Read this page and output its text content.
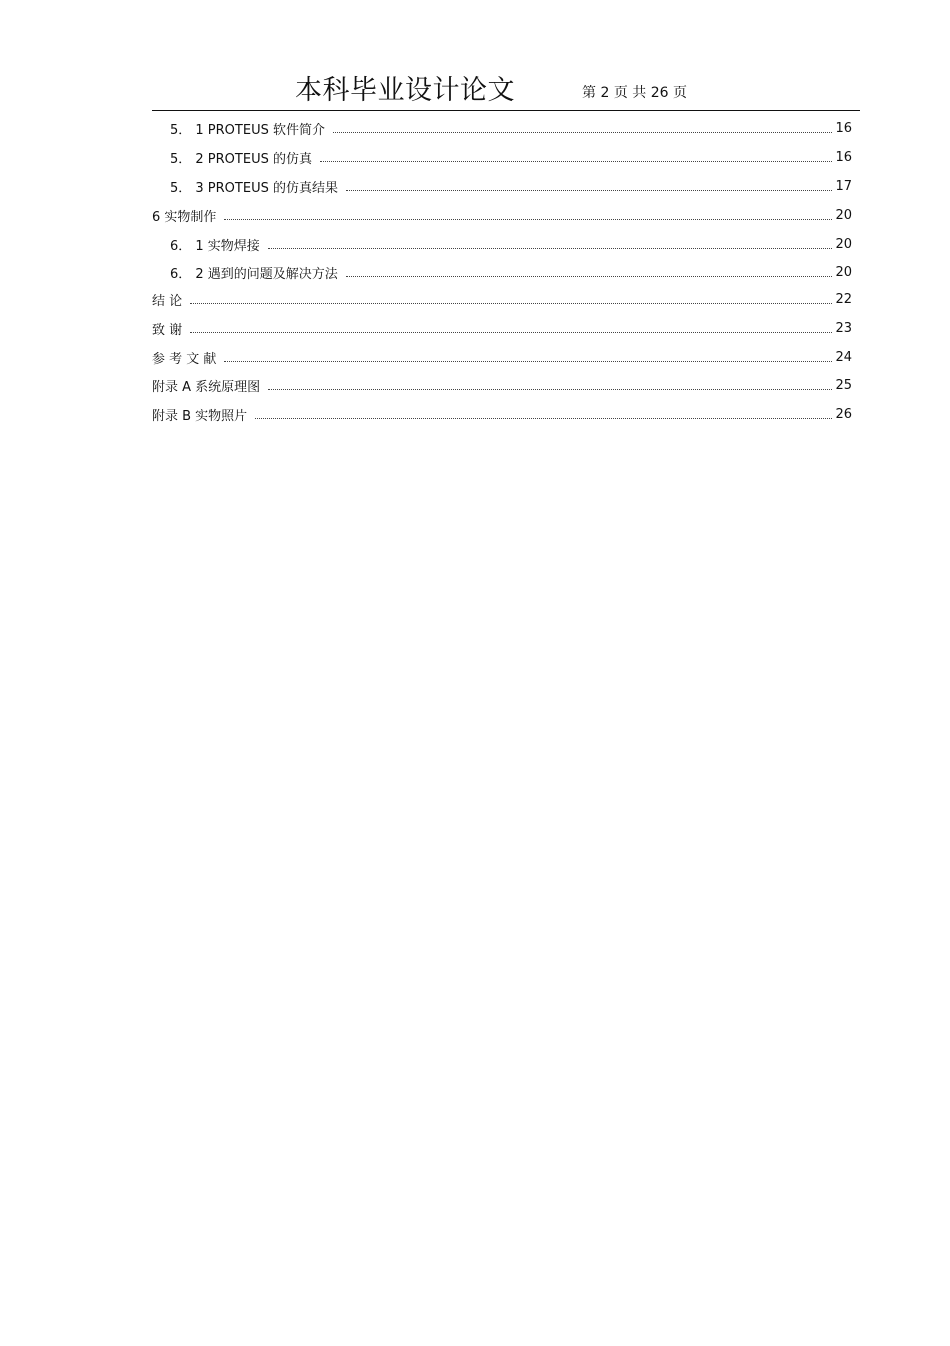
本科毕业设计论文	第 2 页 共 26 页
5． 1 PROTEUS 软件简介	16
5． 2 PROTEUS 的仿真	16
5． 3 PROTEUS 的仿真结果	17
6 实物制作	20
6． 1 实物焊接	20
6． 2 遇到的问题及解决方法	20
结 论	22
致 谢	23
参 考 文 献	24
附录 A 系统原理图	25
附录 B 实物照片	26
